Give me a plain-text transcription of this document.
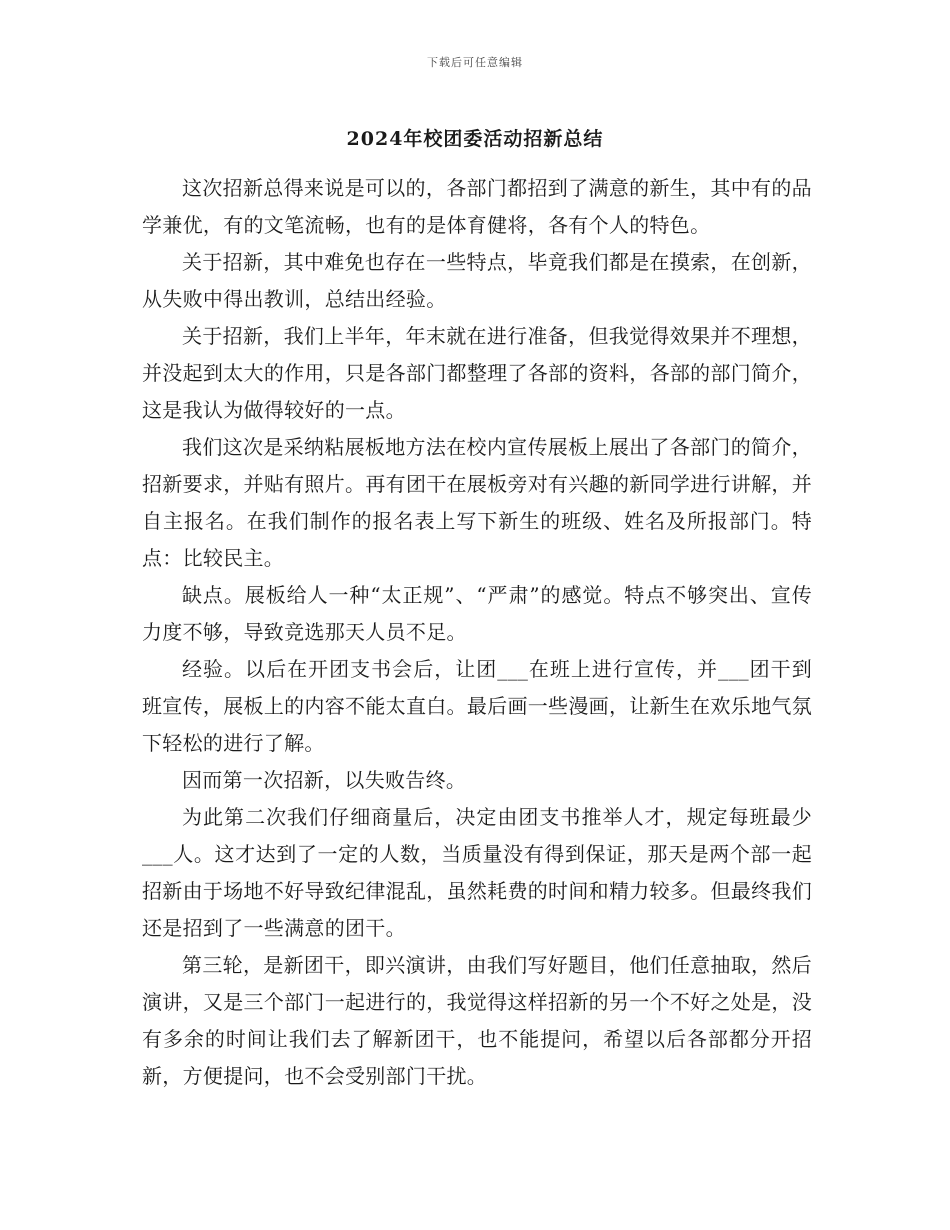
下载后可任意编辑
2024年校团委活动招新总结

这次招新总得来说是可以的，各部门都招到了满意的新生，其中有的品学兼优，有的文笔流畅，也有的是体育健将，各有个人的特色。

关于招新，其中难免也存在一些特点，毕竟我们都是在摸索，在创新，从失败中得出教训，总结出经验。

关于招新，我们上半年，年末就在进行准备，但我觉得效果并不理想，并没起到太大的作用，只是各部门都整理了各部的资料，各部的部门简介，这是我认为做得较好的一点。

我们这次是采纳粘展板地方法在校内宣传展板上展出了各部门的简介，招新要求，并贴有照片。再有团干在展板旁对有兴趣的新同学进行讲解，并自主报名。在我们制作的报名表上写下新生的班级、姓名及所报部门。特点：比较民主。

缺点。展板给人一种“太正规”、“严肃”的感觉。特点不够突出、宣传力度不够，导致竞选那天人员不足。

经验。以后在开团支书会后，让团___在班上进行宣传，并___团干到班宣传，展板上的内容不能太直白。最后画一些漫画，让新生在欢乐地气氛下轻松的进行了解。

因而第一次招新，以失败告终。

为此第二次我们仔细商量后，决定由团支书推举人才，规定每班最少___人。这才达到了一定的人数，当质量没有得到保证，那天是两个部一起招新由于场地不好导致纪律混乱，虽然耗费的时间和精力较多。但最终我们还是招到了一些满意的团干。

第三轮，是新团干，即兴演讲，由我们写好题目，他们任意抽取，然后演讲，又是三个部门一起进行的，我觉得这样招新的另一个不好之处是，没有多余的时间让我们去了解新团干，也不能提问，希望以后各部都分开招新，方便提问，也不会受别部门干扰。
